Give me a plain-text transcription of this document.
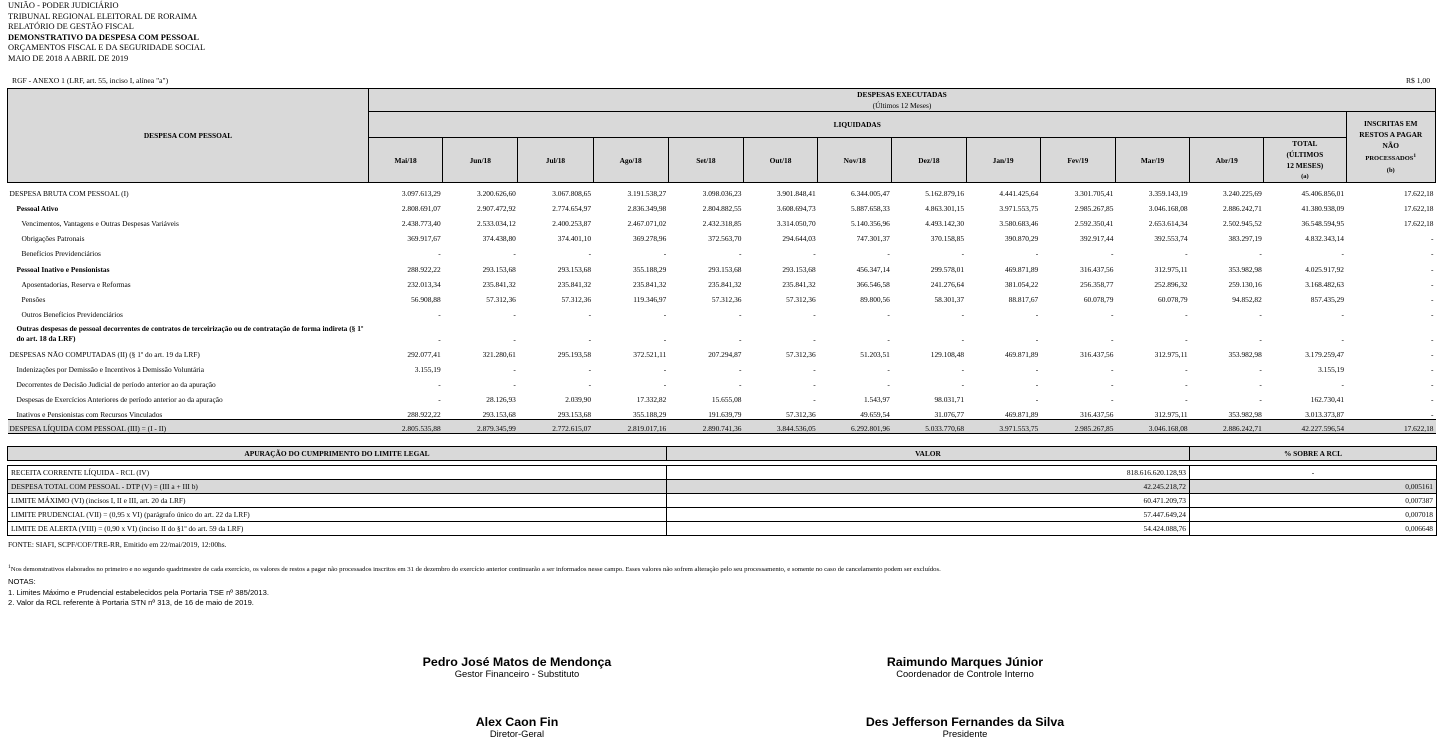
UNIÃO - PODER JUDICIÁRIO
TRIBUNAL REGIONAL ELEITORAL DE RORAIMA
RELATÓRIO DE GESTÃO FISCAL
DEMONSTRATIVO DA DESPESA COM PESSOAL
ORÇAMENTOS FISCAL E DA SEGURIDADE SOCIAL
MAIO DE 2018 A ABRIL DE 2019
RGF - ANEXO 1 (LRF, art. 55, inciso I, alínea "a")	R$ 1,00
DESPESA COM PESSOAL	DESPESAS EXECUTADAS
(Últimos 12 Meses)													

	LIQUIDADAS													INSCRITAS EM
RESTOS A PAGAR
NÃO
PROCESSADOS$^1$
(b)

	Mai/18	Jun/18	Jul/18	Ago/18	Set/18	Out/18	Nov/18	Dez/18	Jan/19	Fev/19	Mar/19	Abr/19	TOTAL
(ÚLTIMOS
12 MESES)
(a)	

DESPESA BRUTA COM PESSOAL (I)	3.097.613,29	3.200.626,60	3.067.808,65	3.191.538,27	3.098.036,23	3.901.848,41	6.344.005,47	5.162.879,16	4.441.425,64	3.301.705,41	3.359.143,19	3.240.225,69	45.406.856,01	17.622,18
Pessoal Ativo	2.808.691,07	2.907.472,92	2.774.654,97	2.836.349,98	2.804.882,55	3.608.694,73	5.887.658,33	4.863.301,15	3.971.553,75	2.985.267,85	3.046.168,08	2.886.242,71	41.380.938,09	17.622,18
Vencimentos, Vantagens e Outras Despesas Variáveis	2.438.773,40	2.533.034,12	2.400.253,87	2.467.071,02	2.432.318,85	3.314.050,70	5.140.356,96	4.493.142,30	3.580.683,46	2.592.350,41	2.653.614,34	2.502.945,52	36.548.594,95	17.622,18
Obrigações Patronais	369.917,67	374.438,80	374.401,10	369.278,96	372.563,70	294.644,03	747.301,37	370.158,85	390.870,29	392.917,44	392.553,74	383.297,19	4.832.343,14	-
Benefícios Previdenciários	-	-	-	-	-	-	-	-	-	-	-	-	-	-
Pessoal Inativo e Pensionistas	288.922,22	293.153,68	293.153,68	355.188,29	293.153,68	293.153,68	456.347,14	299.578,01	469.871,89	316.437,56	312.975,11	353.982,98	4.025.917,92	-
Aposentadorias, Reserva e Reformas	232.013,34	235.841,32	235.841,32	235.841,32	235.841,32	235.841,32	366.546,58	241.276,64	381.054,22	256.358,77	252.896,32	259.130,16	3.168.482,63	-
Pensões	56.908,88	57.312,36	57.312,36	119.346,97	57.312,36	57.312,36	89.800,56	58.301,37	88.817,67	60.078,79	60.078,79	94.852,82	857.435,29	-
Outros Benefícios Previdenciários	-	-	-	-	-	-	-	-	-	-	-	-	-	-
Outras despesas de pessoal decorrentes de contratos de terceirização ou de contratação de forma indireta (§ 1º do art. 18 da LRF)	-	-	-	-	-	-	-	-	-	-	-	-	-	-
DESPESAS NÃO COMPUTADAS (II) (§ 1º do art. 19 da LRF)	292.077,41	321.280,61	295.193,58	372.521,11	207.294,87	57.312,36	51.203,51	129.108,48	469.871,89	316.437,56	312.975,11	353.982,98	3.179.259,47	-
Indenizações por Demissão e Incentivos à Demissão Voluntária	3.155,19	-	-	-	-	-	-	-	-	-	-	-	3.155,19	-
Decorrentes de Decisão Judicial de período anterior ao da apuração	-	-	-	-	-	-	-	-	-	-	-	-	-	-
Despesas de Exercícios Anteriores de período anterior ao da apuração	-	28.126,93	2.039,90	17.332,82	15.655,08	-	1.543,97	98.031,71	-	-	-	-	162.730,41	-
Inativos e Pensionistas com Recursos Vinculados	288.922,22	293.153,68	293.153,68	355.188,29	191.639,79	57.312,36	49.659,54	31.076,77	469.871,89	316.437,56	312.975,11	353.982,98	3.013.373,87	-
DESPESA LÍQUIDA COM PESSOAL (III) = (I - II)	2.805.535,88	2.879.345,99	2.772.615,07	2.819.017,16	2.890.741,36	3.844.536,05	6.292.801,96	5.033.770,68	3.971.553,75	2.985.267,85	3.046.168,08	2.886.242,71	42.227.596,54	17.622,18
APURAÇÃO DO CUMPRIMENTO DO LIMITE LEGAL	VALOR	% SOBRE A RCL

RECEITA CORRENTE LÍQUIDA - RCL (IV)	818.616.620.128,93	-
DESPESA TOTAL COM PESSOAL - DTP (V) = (III a + III b)	42.245.218,72	0,005161
LIMITE MÁXIMO (VI) (incisos I, II e III, art. 20 da LRF)	60.471.209,73	0,007387
LIMITE PRUDENCIAL (VII) = (0,95 x VI) (parágrafo único do art. 22 da LRF)	57.447.649,24	0,007018
LIMITE DE ALERTA (VIII) = (0,90 x VI) (inciso II do §1º do art. 59 da LRF)	54.424.088,76	0,006648
FONTE: SIAFI, SCPF/COF/TRE-RR, Emitido em 22/mai/2019, 12:00hs.
$^1$Nos demonstrativos elaborados no primeiro e no segundo quadrimestre de cada exercício, os valores de restos a pagar não processados inscritos em 31 de dezembro do exercício anterior continuarão a ser informados nesse campo. Esses valores não sofrem alteração pelo seu processamento, e somente no caso de cancelamento podem ser excluídos.
NOTAS:
1. Limites Máximo e Prudencial estabelecidos pela Portaria TSE nº 385/2013.
2. Valor da RCL referente à Portaria STN nº 313, de 16 de maio de 2019.
Pedro José Matos de Mendonça
Gestor Financeiro - Substituto
Raimundo Marques Júnior
Coordenador de Controle Interno
Alex Caon Fin
Diretor-Geral
Des Jefferson Fernandes da Silva
Presidente
